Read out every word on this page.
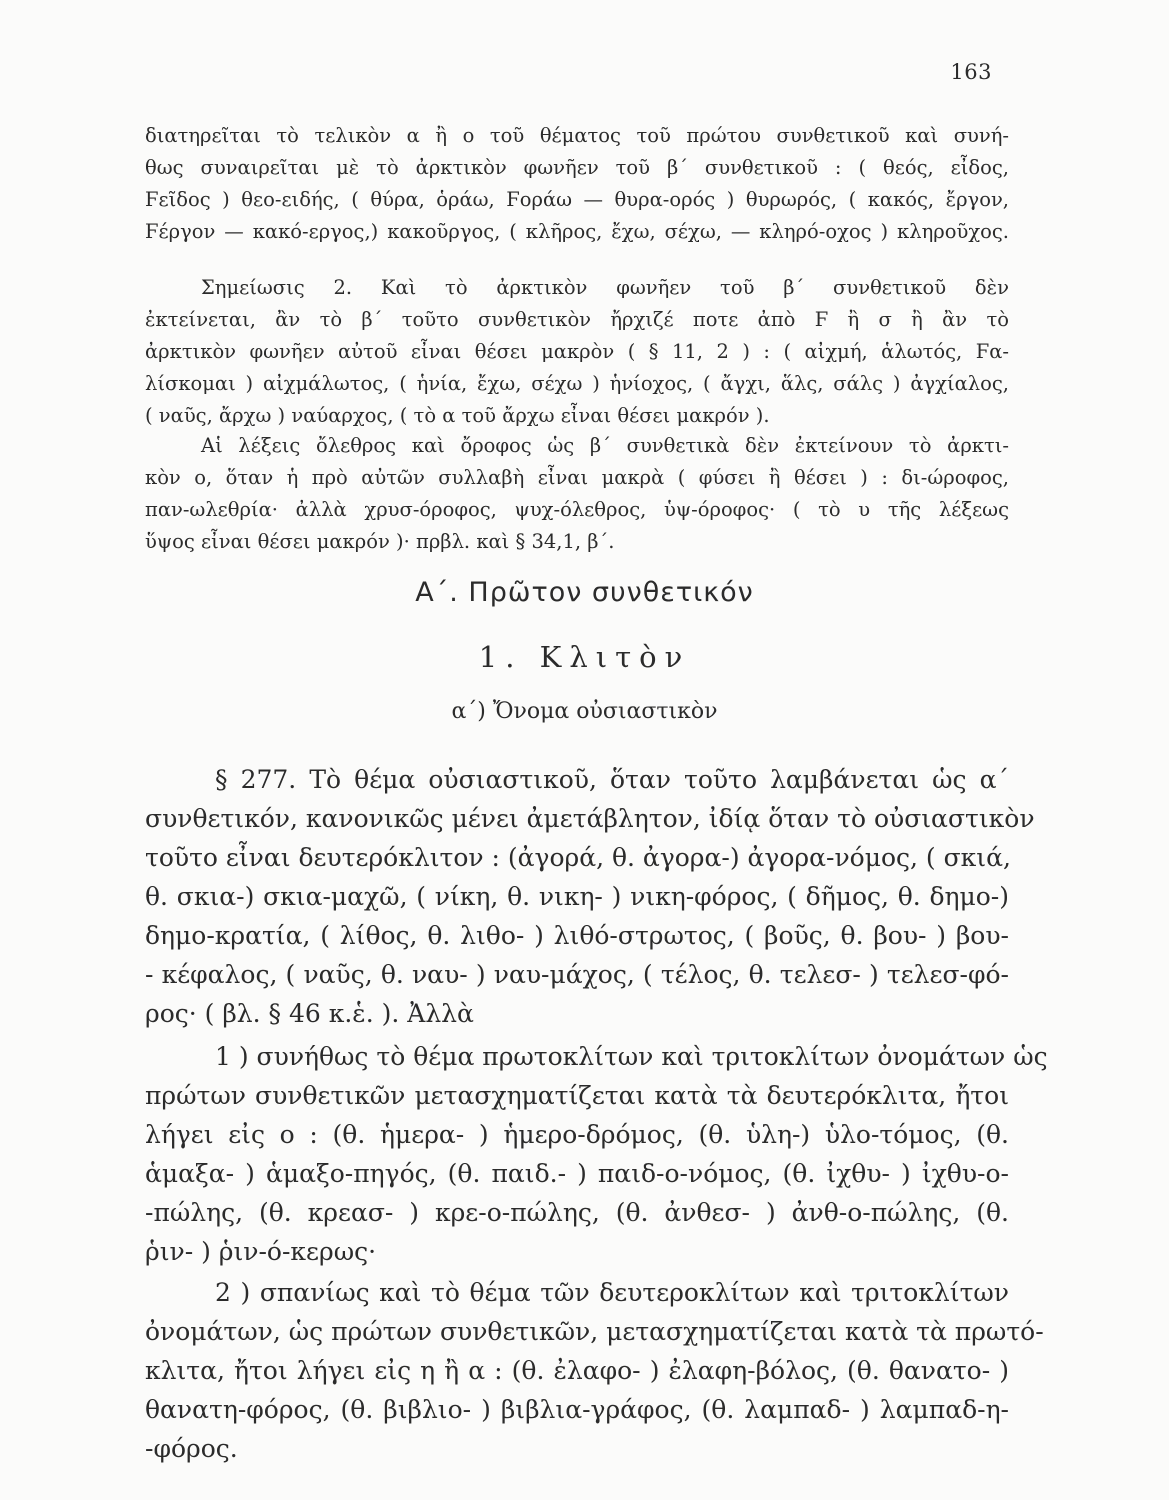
163
διατηρεῖται τὸ τελικὸν α ἢ ο τοῦ θέματος τοῦ πρώτου συνθετικοῦ καὶ συνή-
θως συναιρεῖται μὲ τὸ ἀρκτικὸν φωνῆεν τοῦ β΄ συνθετικοῦ : ( θεός, εἶδος,
Ϝεῖδος ) θεο-ειδής, ( θύρα, ὁράω, Ϝοράω — θυρα-ορός ) θυρωρός, ( κακός, ἔργον,
Ϝέργον — κακό-εργος,) κακοῦργος, ( κλῆρος, ἔχω, σέχω, — κληρό-οχος ) κληροῦχος.
Σημείωσις 2. Καὶ τὸ ἀρκτικὸν φωνῆεν τοῦ β΄ συνθετικοῦ δὲν
ἐκτείνεται, ἂν τὸ β΄ τοῦτο συνθετικὸν ἤρχιζέ ποτε ἀπὸ Ϝ ἢ σ ἢ ἂν τὸ
ἀρκτικὸν φωνῆεν αὐτοῦ εἶναι θέσει μακρὸν ( § 11, 2 ) : ( αἰχμή, ἁλωτός, Ϝα-
λίσκομαι ) αἰχμάλωτος, ( ἡνία, ἔχω, σέχω ) ἡνίοχος, ( ἄγχι, ἅλς, σάλς ) ἀγχίαλος,
( ναῦς, ἄρχω ) ναύαρχος, ( τὸ α τοῦ ἄρχω εἶναι θέσει μακρόν ).
Αἱ λέξεις ὄλεθρος καὶ ὄροφος ὡς β΄ συνθετικὰ δὲν ἐκτείνουν τὸ ἀρκτι-
κὸν ο, ὅταν ἡ πρὸ αὐτῶν συλλαβὴ εἶναι μακρὰ ( φύσει ἢ θέσει ) : δι-ώροφος,
παν-ωλεθρία· ἀλλὰ χρυσ-όροφος, ψυχ-όλεθρος, ὑψ-όροφος· ( τὸ υ τῆς λέξεως
ὕψος εἶναι θέσει μακρόν )· πρβλ. καὶ § 34,1, β΄.
Α΄. Πρῶτον συνθετικόν
1. Κλιτὸν
α΄) Ὄνομα οὐσιαστικὸν
§ 277. Τὸ θέμα οὐσιαστικοῦ, ὅταν τοῦτο λαμβάνεται ὡς α΄
συνθετικόν, κανονικῶς μένει ἀμετάβλητον, ἰδίᾳ ὅταν τὸ οὐσιαστικὸν
τοῦτο εἶναι δευτερόκλιτον : (ἀγορά, θ. ἀγορα-) ἀγορα-νόμος, ( σκιά,
θ. σκια-) σκια-μαχῶ, ( νίκη, θ. νικη- ) νικη-φόρος, ( δῆμος, θ. δημο-)
δημο-κρατία, ( λίθος, θ. λιθο- ) λιθό-στρωτος, ( βοῦς, θ. βου- ) βου-
- κέφαλος, ( ναῦς, θ. ναυ- ) ναυ-μάχος, ( τέλος, θ. τελεσ- ) τελεσ-φό-
ρος· ( βλ. § 46 κ.ἑ. ). Ἀλλὰ
1 ) συνήθως τὸ θέμα πρωτοκλίτων καὶ τριτοκλίτων ὀνομάτων ὡς
πρώτων συνθετικῶν μετασχηματίζεται κατὰ τὰ δευτερόκλιτα, ἤτοι
λήγει εἰς ο : (θ. ἡμερα- ) ἡμερο-δρόμος, (θ. ὑλη-) ὑλο-τόμος, (θ.
ἁμαξα- ) ἁμαξο-πηγός, (θ. παιδ.- ) παιδ-ο-νόμος, (θ. ἰχθυ- ) ἰχθυ-ο-
-πώλης, (θ. κρεασ- ) κρε-ο-πώλης, (θ. ἀνθεσ- ) ἀνθ-ο-πώλης, (θ.
ῥιν- ) ῥιν-ό-κερως·
2 ) σπανίως καὶ τὸ θέμα τῶν δευτεροκλίτων καὶ τριτοκλίτων
ὀνομάτων, ὡς πρώτων συνθετικῶν, μετασχηματίζεται κατὰ τὰ πρωτό-
κλιτα, ἤτοι λήγει εἰς η ἢ α : (θ. ἐλαφο- ) ἐλαφη-βόλος, (θ. θανατο- )
θανατη-φόρος, (θ. βιβλιο- ) βιβλια-γράφος, (θ. λαμπαδ- ) λαμπαδ-η-
-φόρος.
